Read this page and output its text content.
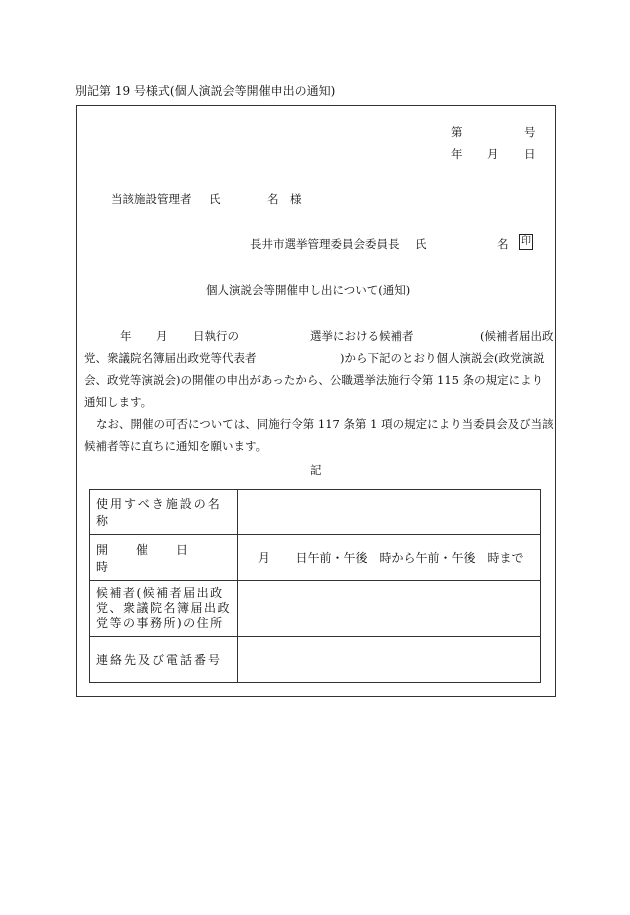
別記第 19 号様式(個人演説会等開催申出の通知)
第	号
年 月 日
当該施設管理者 氏	名 様
長井市選挙管理委員会委員長 氏	名 印
個人演説会等開催申し出について(通知)
年 月 日執行の	選挙における候補者	(候補者届出政
党、衆議院名簿届出政党等代表者	)から下記のとおり個人演説会(政党演説
会、政党等演説会)の開催の申出があったから、公職選挙法施行令第 115 条の規定により
通知します。
なお、開催の可否については、同施行令第 117 条第 1 項の規定により当委員会及び当該
候補者等に直ちに通知を願います。
記
使用すべき施設の名称	
開催日時	月 日午前・午後　時から午前・午後　時まで

候補者(候補者届出政
党、衆議院名簿届出政
党等の事務所)の住所	

連絡先及び電話番号	
